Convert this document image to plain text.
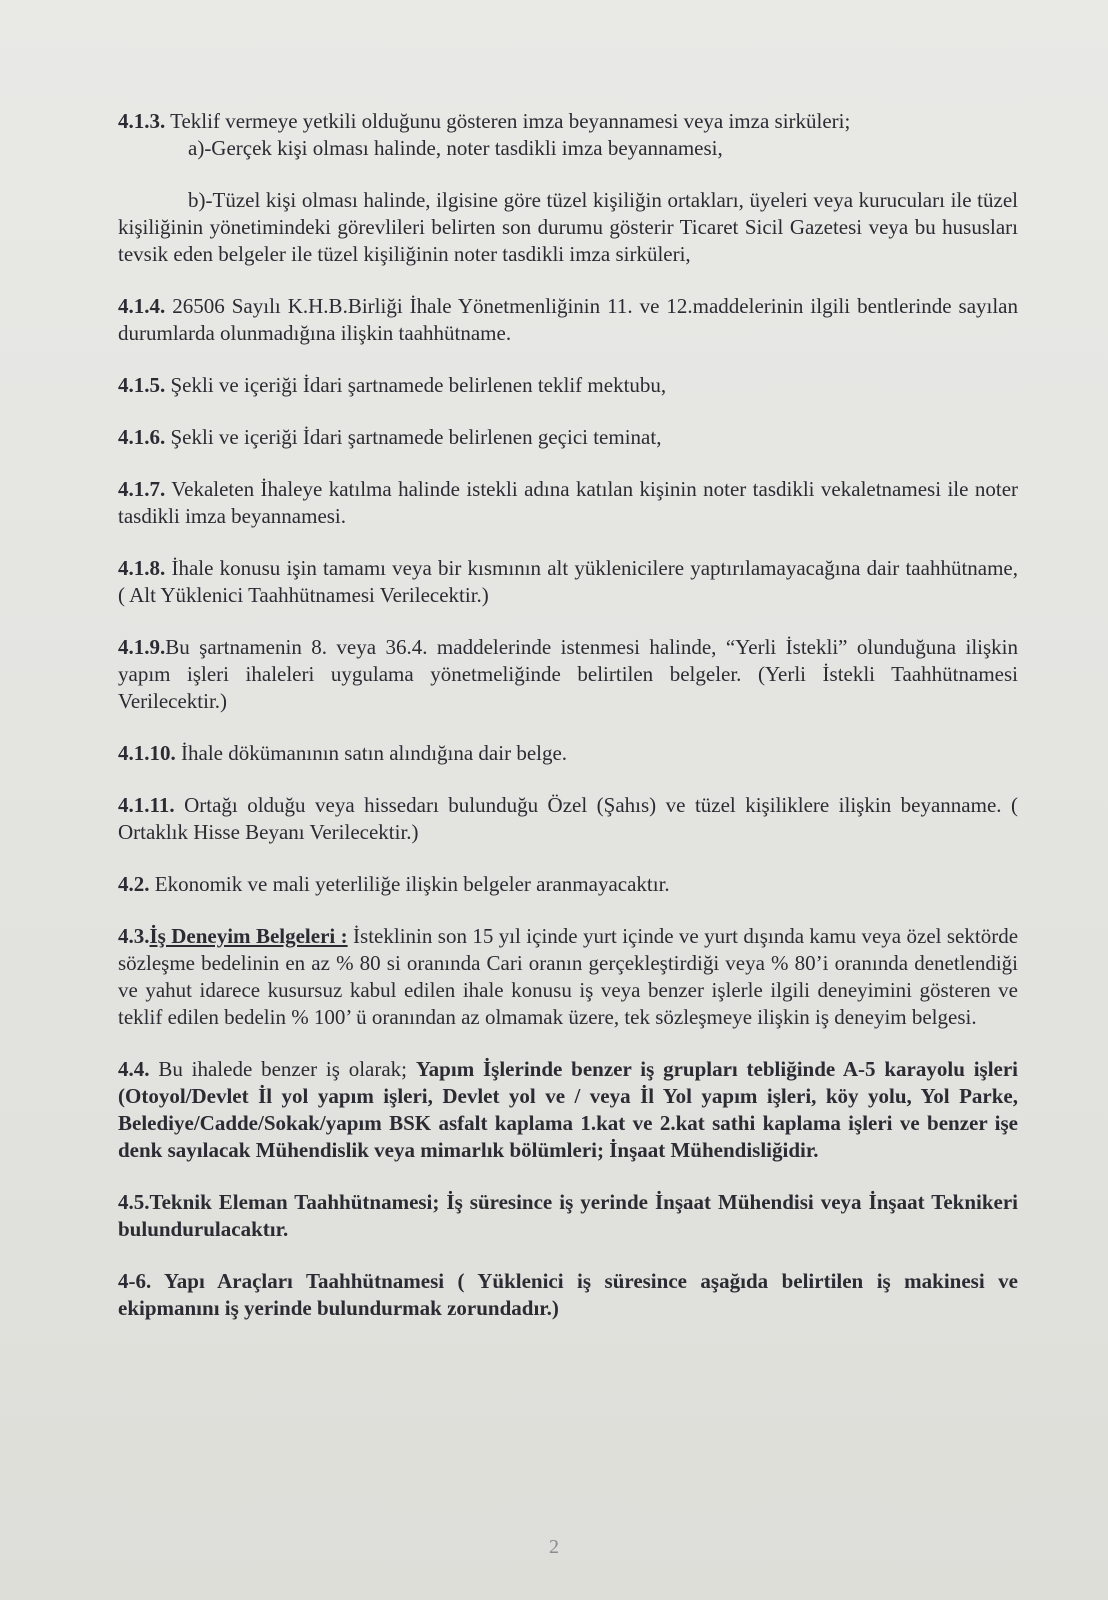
4.1.3. Teklif vermeye yetkili olduğunu gösteren imza beyannamesi veya imza sirküleri;

a)-Gerçek kişi olması halinde, noter tasdikli imza beyannamesi,

b)-Tüzel kişi olması halinde, ilgisine göre tüzel kişiliğin ortakları, üyeleri veya kurucuları ile tüzel kişiliğinin yönetimindeki görevlileri belirten son durumu gösterir Ticaret Sicil Gazetesi veya bu hususları tevsik eden belgeler ile tüzel kişiliğinin noter tasdikli imza sirküleri,

4.1.4. 26506 Sayılı K.H.B.Birliği İhale Yönetmenliğinin 11. ve 12.maddelerinin ilgili bentlerinde sayılan durumlarda olunmadığına ilişkin taahhütname.

4.1.5. Şekli ve içeriği İdari şartnamede belirlenen teklif mektubu,

4.1.6. Şekli ve içeriği İdari şartnamede belirlenen geçici teminat,

4.1.7. Vekaleten İhaleye katılma halinde istekli adına katılan kişinin noter tasdikli vekaletnamesi ile noter tasdikli imza beyannamesi.

4.1.8. İhale konusu işin tamamı veya bir kısmının alt yüklenicilere yaptırılamayacağına dair taahhütname, ( Alt Yüklenici Taahhütnamesi Verilecektir.)

4.1.9.Bu şartnamenin 8. veya 36.4. maddelerinde istenmesi halinde, “Yerli İstekli” olunduğuna ilişkin yapım işleri ihaleleri uygulama yönetmeliğinde belirtilen belgeler. (Yerli İstekli Taahhütnamesi Verilecektir.)

4.1.10. İhale dökümanının satın alındığına dair belge.

4.1.11. Ortağı olduğu veya hissedarı bulunduğu Özel (Şahıs) ve tüzel kişiliklere ilişkin beyanname. ( Ortaklık Hisse Beyanı Verilecektir.)

4.2. Ekonomik ve mali yeterliliğe ilişkin belgeler aranmayacaktır.

4.3.İş Deneyim Belgeleri : İsteklinin son 15 yıl içinde yurt içinde ve yurt dışında kamu veya özel sektörde sözleşme bedelinin en az % 80 si oranında Cari oranın gerçekleştirdiği veya % 80’i oranında denetlendiği ve yahut idarece kusursuz kabul edilen ihale konusu iş veya benzer işlerle ilgili deneyimini gösteren ve teklif edilen bedelin % 100’ ü oranından az olmamak üzere, tek sözleşmeye ilişkin iş deneyim belgesi.

4.4. Bu ihalede benzer iş olarak; Yapım İşlerinde benzer iş grupları tebliğinde A-5 karayolu işleri (Otoyol/Devlet İl yol yapım işleri, Devlet yol ve / veya İl Yol yapım işleri, köy yolu, Yol Parke, Belediye/Cadde/Sokak/yapım BSK asfalt kaplama 1.kat ve 2.kat sathi kaplama işleri ve benzer işe denk sayılacak Mühendislik veya mimarlık bölümleri; İnşaat Mühendisliğidir.

4.5.Teknik Eleman Taahhütnamesi; İş süresince iş yerinde İnşaat Mühendisi veya İnşaat Teknikeri bulundurulacaktır.

4-6. Yapı Araçları Taahhütnamesi ( Yüklenici iş süresince aşağıda belirtilen iş makinesi ve ekipmanını iş yerinde bulundurmak zorundadır.)

2
